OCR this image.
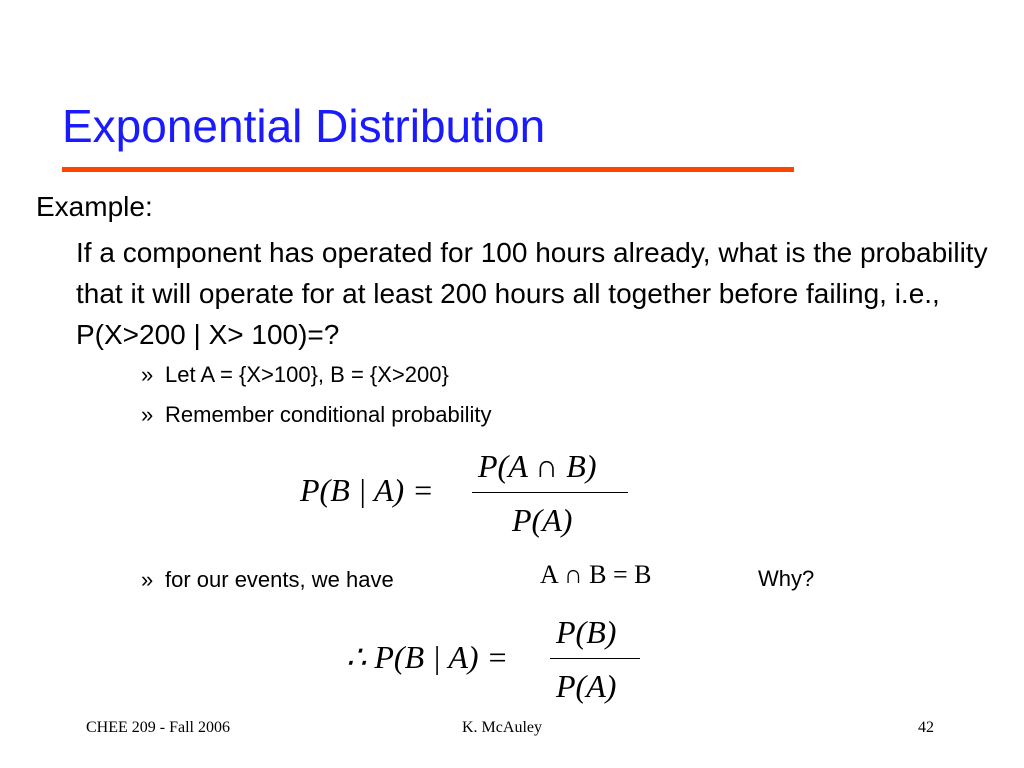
Exponential Distribution
Example:
If a component has operated for 100 hours already, what is the probability that it will operate for at least 200 hours all together before failing, i.e., P(X>200 | X> 100)=?
» Let A = {X>100}, B = {X>200}
» Remember conditional probability
P(B | A) =
P(A ∩ B)
P(A)
» for our events, we have	A ∩ B = B	Why?
∴ P(B | A) =
P(B)
P(A)
CHEE 209 - Fall 2006	K. McAuley	42
